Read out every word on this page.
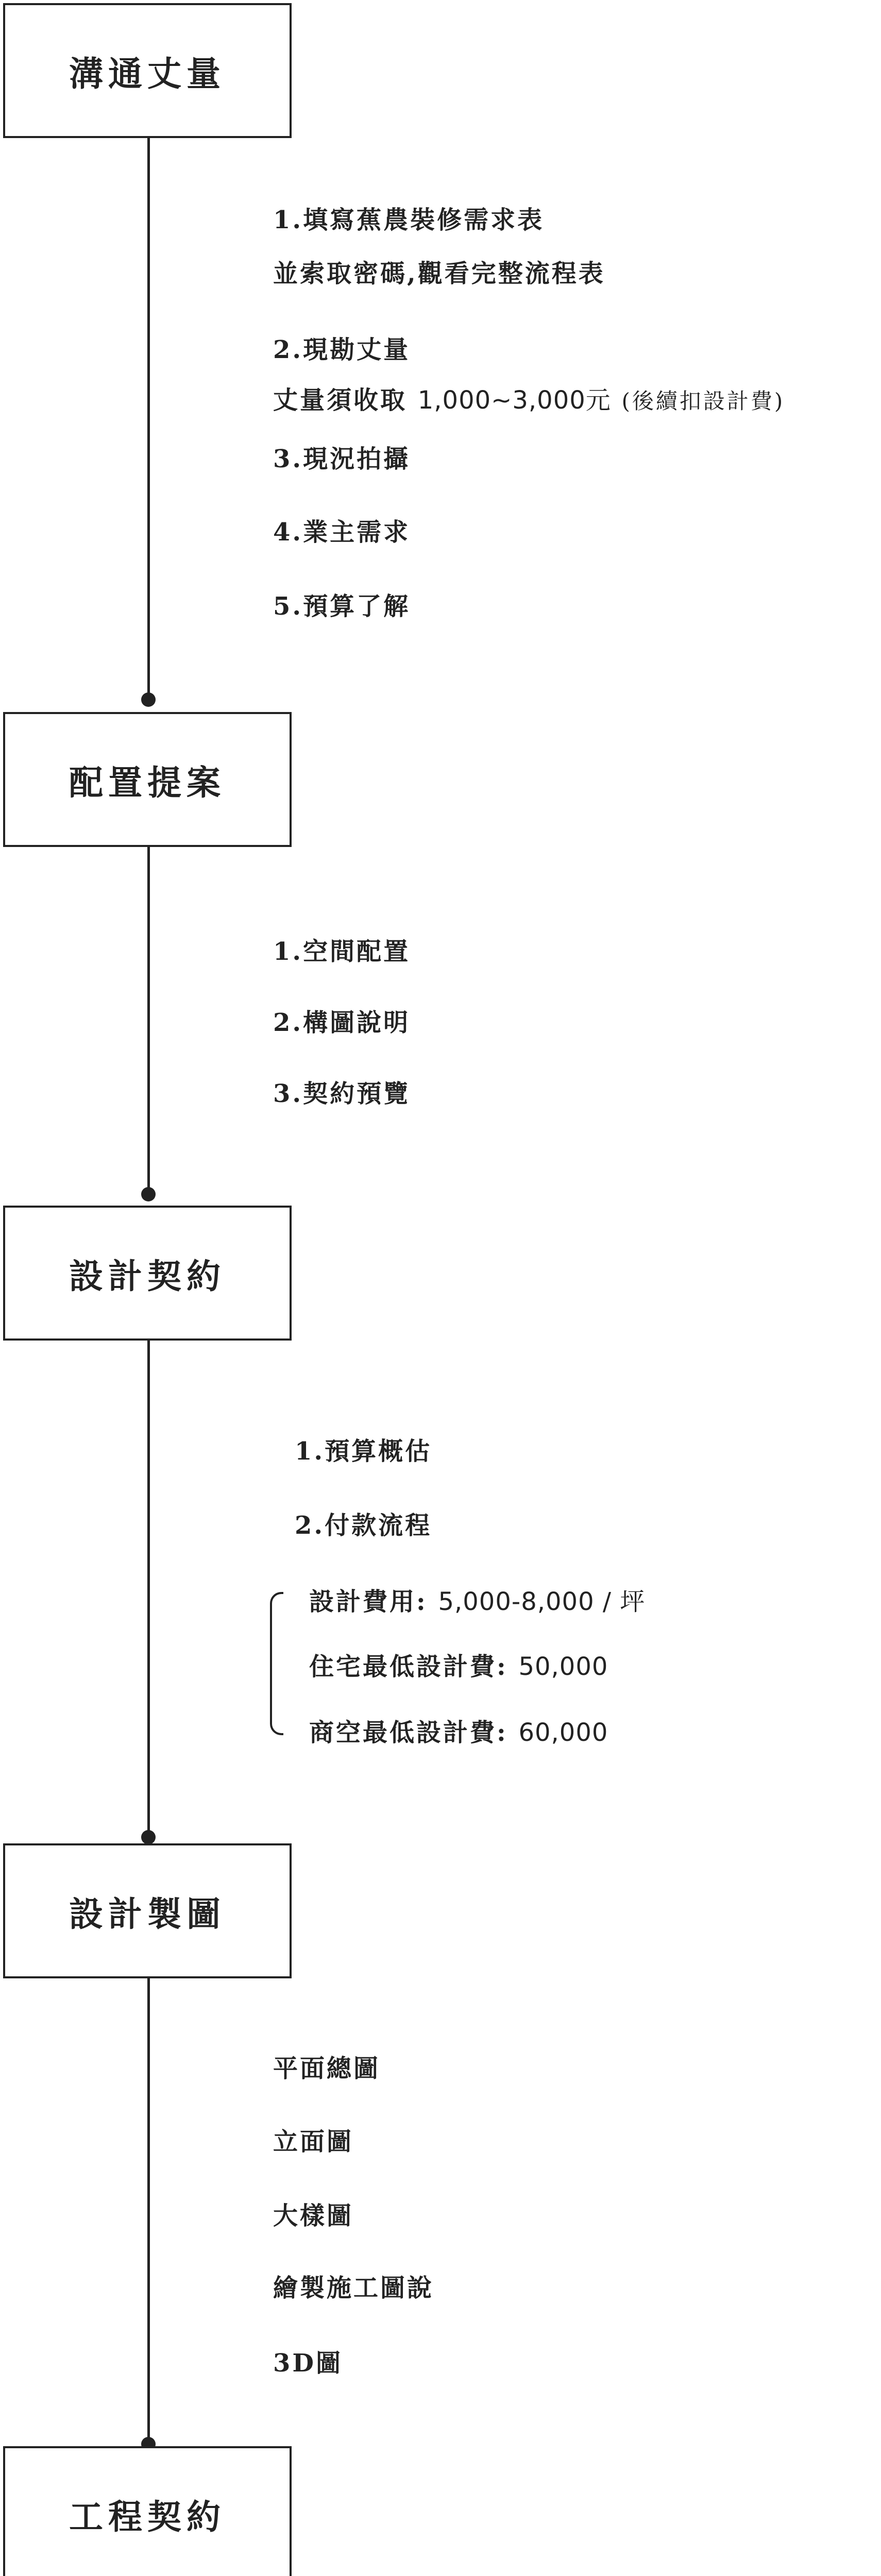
溝通丈量
1.填寫蕉農裝修需求表
並索取密碼,觀看完整流程表
2.現勘丈量
丈量須收取 1,000~3,000元 (後續扣設計費)
3.現況拍攝
4.業主需求
5.預算了解
配置提案
1.空間配置
2.構圖說明
3.契約預覽
設計契約
1.預算概估
2.付款流程
設計費用: 5,000-8,000 / 坪
住宅最低設計費: 50,000
商空最低設計費: 60,000
設計製圖
平面總圖
立面圖
大樣圖
繪製施工圖說
3D圖
工程契約
